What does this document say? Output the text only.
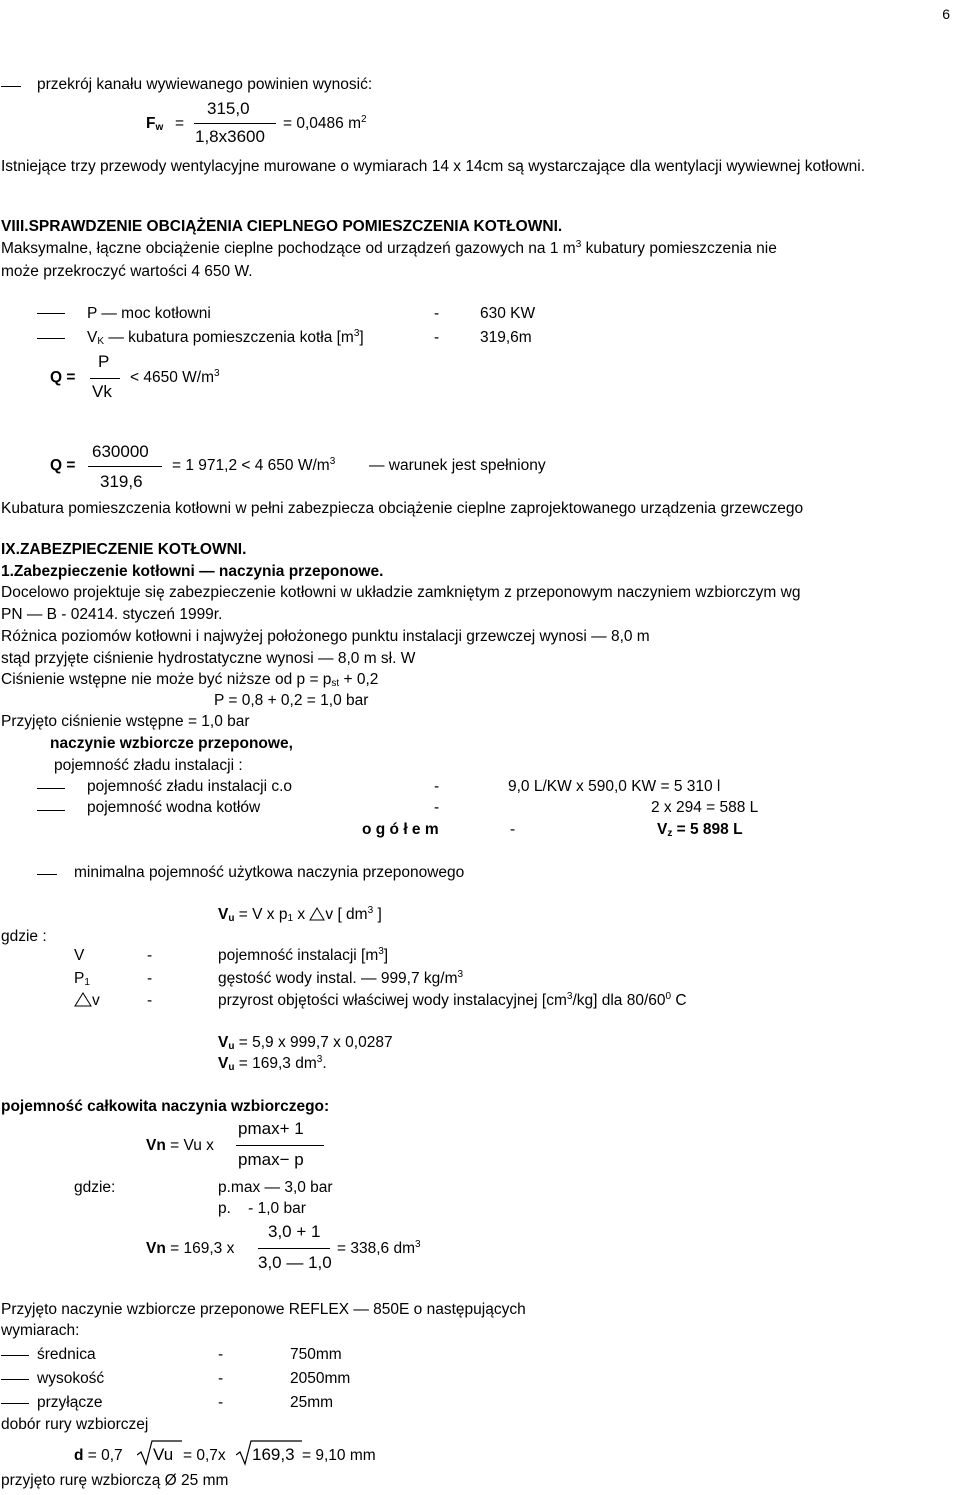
6
przekrój kanału wywiewanego powinien wynosić:
$F_w$ =
315,0
1,8x3600
= 0,0486 $m^2$
Istniejące trzy przewody wentylacyjne murowane o wymiarach 14 x 14cm są wystarczające dla wentylacji wywiewnej kotłowni.
VIII.SPRAWDZENIE OBCIĄŻENIA CIEPLNEGO POMIESZCZENIA KOTŁOWNI.
Maksymalne, łączne obciążenie cieplne pochodzące od urządzeń gazowych na 1 $m^3$ kubatury pomieszczenia nie
może przekroczyć wartości 4 650 W.
P — moc kotłowni	-	630 KW
$V_K$ — kubatura pomieszczenia kotła $[m^3]$	-	319,6m
Q =
P
Vk
< 4650 $W/m^3$
Q =
630000
319,6
= 1 971,2 < 4 650 $W/m^3$ — warunek jest spełniony
Kubatura pomieszczenia kotłowni w pełni zabezpiecza obciążenie cieplne zaprojektowanego urządzenia grzewczego
IX.ZABEZPIECZENIE KOTŁOWNI.
1.Zabezpieczenie kotłowni — naczynia przeponowe.
Docelowo projektuje się zabezpieczenie kotłowni w układzie zamkniętym z przeponowym naczyniem wzbiorczym wg
PN — B - 02414. styczeń 1999r.
Różnica poziomów kotłowni i najwyżej położonego punktu instalacji grzewczej wynosi — 8,0 m
stąd przyjęte ciśnienie hydrostatyczne wynosi — 8,0 m sł. W
Ciśnienie wstępne nie może być niższe od $p = p_{st} + 0,2$
P = 0,8 + 0,2 = 1,0 bar
Przyjęto ciśnienie wstępne = 1,0 bar
naczynie wzbiorcze przeponowe,
pojemność zładu instalacji :
pojemność zładu instalacji c.o	-	9,0 L/KW x 590,0 KW = 5 310 l
pojemność wodna kotłów	-	2 x 294 = 588 L
o g ó ł e m	-	$V_z = 5$ 898 L
minimalna pojemność użytkowa naczynia przeponowego
$V_u = V$ x $p_1$ x v [ $dm^3$ ]
gdzie :
V	-	pojemność instalacji $[m^3]$
$P_1$	-	gęstość wody instal. — 999,7 $kg/m^3$
v	-	przyrost objętości właściwej wody instalacyjnej $[cm^3/kg]$ dla $80/60^0$ C
$V_u = 5,9$ x 999,7 x 0,0287
$V_u = 169,3$ $dm^3$.
pojemność całkowita naczynia wzbiorczego:
Vn = Vu x
pmax+ 1
pmax− p
gdzie:	p.max — 3,0 bar
p.    - 1,0 bar
Vn = 169,3 x
3,0 + 1
3,0 — 1,0
= 338,6 $dm^3$
Przyjęto naczynie wzbiorcze przeponowe REFLEX — 850E o następujących
wymiarach:
średnica	-	750mm
wysokość	-	2050mm
przyłącze	-	25mm
dobór rury wzbiorczej
d = 0,7 Vu = 0,7x 169,3 = 9,10 mm
przyjęto rurę wzbiorczą Ø 25 mm
